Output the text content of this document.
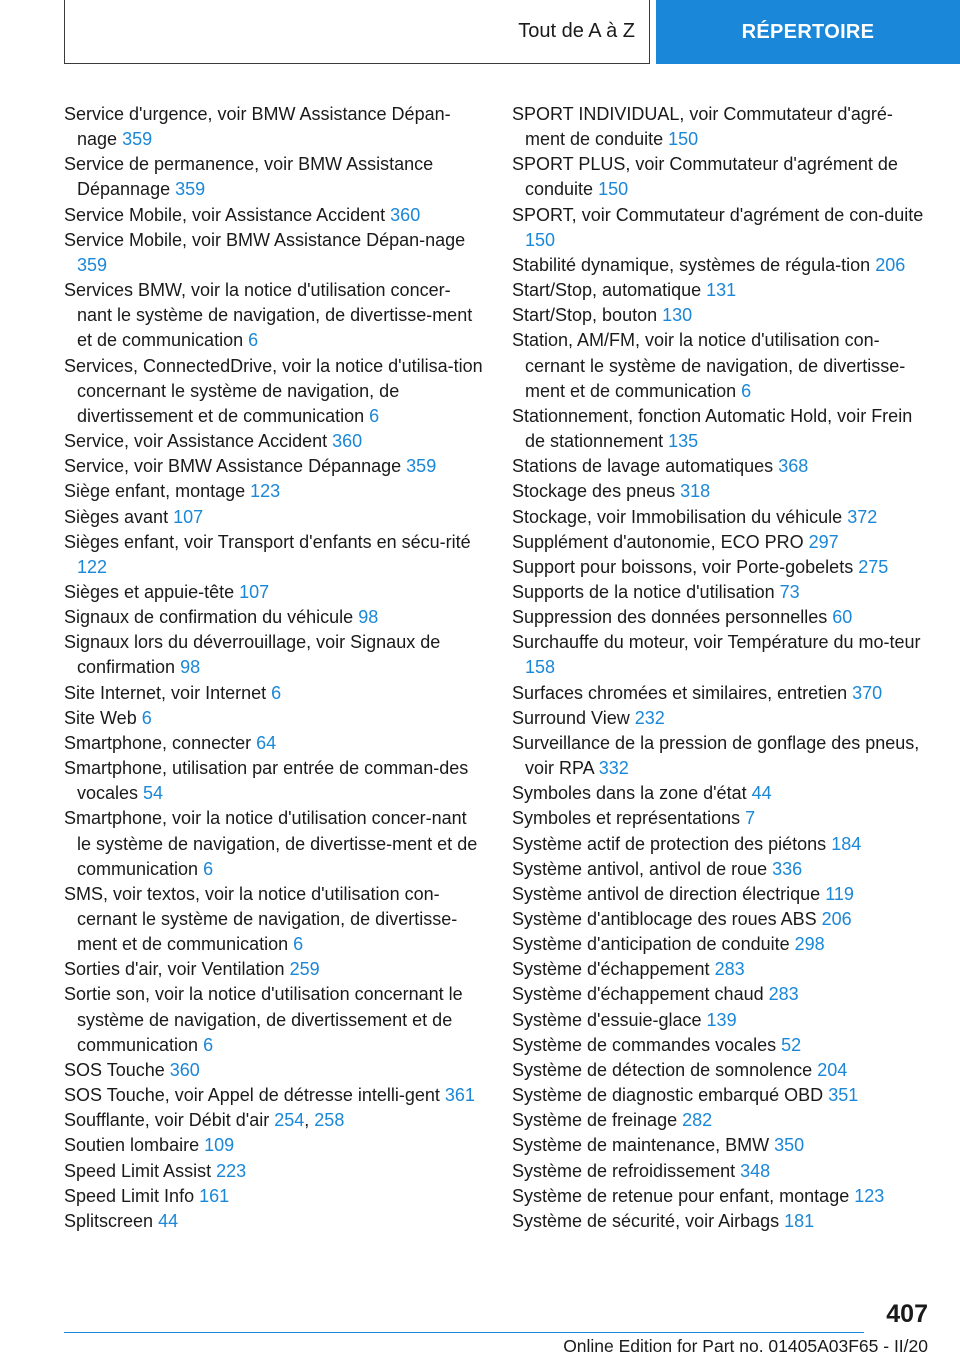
Tout de A à Z	RÉPERTOIRE
Service d'urgence, voir BMW Assistance Dépan-nage 359
Service de permanence, voir BMW Assistance Dépannage 359
Service Mobile, voir Assistance Accident 360
Service Mobile, voir BMW Assistance Dépan-nage 359
Services BMW, voir la notice d'utilisation concer-nant le système de navigation, de divertisse-ment et de communication 6
Services, ConnectedDrive, voir la notice d'utilisa-tion concernant le système de navigation, de divertissement et de communication 6
Service, voir Assistance Accident 360
Service, voir BMW Assistance Dépannage 359
Siège enfant, montage 123
Sièges avant 107
Sièges enfant, voir Transport d'enfants en sécu-rité 122
Sièges et appuie-tête 107
Signaux de confirmation du véhicule 98
Signaux lors du déverrouillage, voir Signaux de confirmation 98
Site Internet, voir Internet 6
Site Web 6
Smartphone, connecter 64
Smartphone, utilisation par entrée de comman-des vocales 54
Smartphone, voir la notice d'utilisation concer-nant le système de navigation, de divertisse-ment et de communication 6
SMS, voir textos, voir la notice d'utilisation con-cernant le système de navigation, de divertisse-ment et de communication 6
Sorties d'air, voir Ventilation 259
Sortie son, voir la notice d'utilisation concernant le système de navigation, de divertissement et de communication 6
SOS Touche 360
SOS Touche, voir Appel de détresse intelli-gent 361
Soufflante, voir Débit d'air 254, 258
Soutien lombaire 109
Speed Limit Assist 223
Speed Limit Info 161
Splitscreen 44
SPORT INDIVIDUAL, voir Commutateur d'agré-ment de conduite 150
SPORT PLUS, voir Commutateur d'agrément de conduite 150
SPORT, voir Commutateur d'agrément de con-duite 150
Stabilité dynamique, systèmes de régula-tion 206
Start/Stop, automatique 131
Start/Stop, bouton 130
Station, AM/FM, voir la notice d'utilisation con-cernant le système de navigation, de divertisse-ment et de communication 6
Stationnement, fonction Automatic Hold, voir Frein de stationnement 135
Stations de lavage automatiques 368
Stockage des pneus 318
Stockage, voir Immobilisation du véhicule 372
Supplément d'autonomie, ECO PRO 297
Support pour boissons, voir Porte-gobelets 275
Supports de la notice d'utilisation 73
Suppression des données personnelles 60
Surchauffe du moteur, voir Température du mo-teur 158
Surfaces chromées et similaires, entretien 370
Surround View 232
Surveillance de la pression de gonflage des pneus, voir RPA 332
Symboles dans la zone d'état 44
Symboles et représentations 7
Système actif de protection des piétons 184
Système antivol, antivol de roue 336
Système antivol de direction électrique 119
Système d'antiblocage des roues ABS 206
Système d'anticipation de conduite 298
Système d'échappement 283
Système d'échappement chaud 283
Système d'essuie-glace 139
Système de commandes vocales 52
Système de détection de somnolence 204
Système de diagnostic embarqué OBD 351
Système de freinage 282
Système de maintenance, BMW 350
Système de refroidissement 348
Système de retenue pour enfant, montage 123
Système de sécurité, voir Airbags 181
407
Online Edition for Part no. 01405A03F65 - II/20
